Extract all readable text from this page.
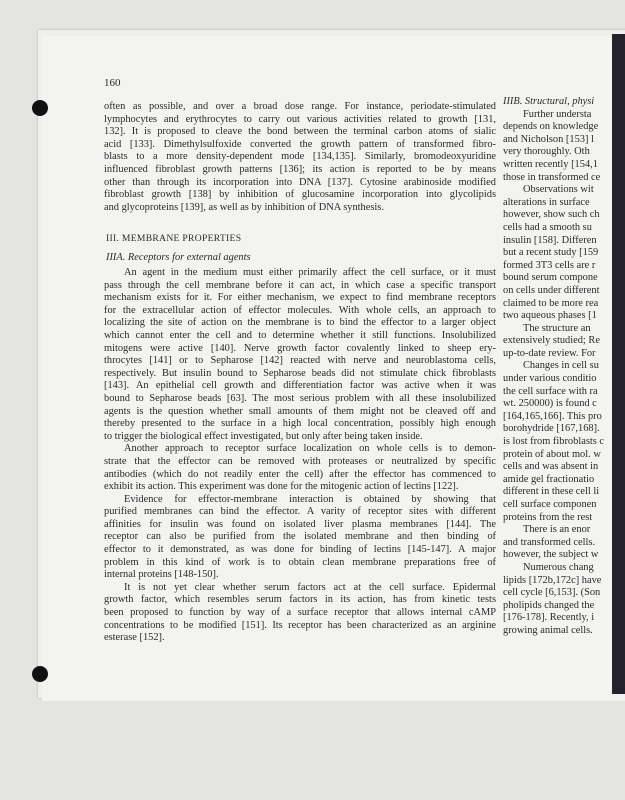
160
often as possible, and over a broad dose range. For instance, periodate-stimulated
lymphocytes and erythrocytes to carry out various activities related to growth [131,
132]. It is proposed to cleave the bond between the terminal carbon atoms of sialic
acid [133]. Dimethylsulfoxide converted the growth pattern of transformed fibro-
blasts to a more density-dependent mode [134,135]. Similarly, bromodeoxyuridine
influenced fibroblast growth patterns [136]; its action is reported to be by means
other than through its incorporation into DNA [137]. Cytosine arabinoside modified
fibroblast growth [138] by inhibition of glucosamine incorporation into glycolipids
and glycoproteins [139], as well as by inhibition of DNA synthesis.
III. MEMBRANE PROPERTIES
IIIA. Receptors for external agents
An agent in the medium must either primarily affect the cell surface, or it must
pass through the cell membrane before it can act, in which case a specific transport
mechanism exists for it. For either mechanism, we expect to find membrane receptors
for the extracellular action of effector molecules. With whole cells, an approach to
localizing the site of action on the membrane is to bind the effector to a larger object
which cannot enter the cell and to determine whether it still functions. Insolubilized
mitogens were active [140]. Nerve growth factor covalently linked to sheep ery-
throcytes [141] or to Sepharose [142] reacted with nerve and neuroblastoma cells,
respectively. But insulin bound to Sepharose beads did not stimulate chick fibroblasts
[143]. An epithelial cell growth and differentiation factor was active when it was
bound to Sepharose beads [63]. The most serious problem with all these insolubilized
agents is the question whether small amounts of them might not be cleaved off and
thereby presented to the surface in a high local concentration, possibly high enough
to trigger the biological effect investigated, but only after being taken inside.
Another approach to receptor surface localization on whole cells is to demon-
strate that the effector can be removed with proteases or neutralized by specific
antibodies (which do not readily enter the cell) after the effector has commenced to
exhibit its action. This experiment was done for the mitogenic action of lectins [122].
Evidence for effector-membrane interaction is obtained by showing that
purified membranes can bind the effector. A varity of receptor sites with different
affinities for insulin was found on isolated liver plasma membranes [144]. The
receptor can also be purified from the isolated membrane and then binding of
effector to it demonstrated, as was done for binding of lectins [145-147]. A major
problem in this kind of work is to obtain clean membrane preparations free of
internal proteins [148-150].
It is not yet clear whether serum factors act at the cell surface. Epidermal
growth factor, which resembles serum factors in its action, has from kinetic tests
been proposed to function by way of a surface receptor that allows internal cAMP
concentrations to be modified [151]. Its receptor has been characterized as an arginine
esterase [152].
IIIB. Structural, physi
Further understa
depends on knowledge
and Nicholson [153] l
very thoroughly. Oth
written recently [154,1
those in transformed ce
Observations wit
alterations in surface
however, show such ch
cells had a smooth su
insulin [158]. Differen
but a recent study [159
formed 3T3 cells are r
bound serum compone
on cells under different
claimed to be more rea
two aqueous phases [1
The structure an
extensively studied; Re
up-to-date review. For
Changes in cell su
under various conditio
the cell surface with ra
wt. 250000) is found c
[164,165,166]. This pro
borohydride [167,168].
is lost from fibroblasts c
protein of about mol. w
cells and was absent in
amide gel fractionatio
different in these cell li
cell surface componen
proteins from the rest
There is an enor
and transformed cells.
however, the subject w
Numerous chang
lipids [172b,172c] have
cell cycle [6,153]. (Son
pholipids changed the
[176-178]. Recently, i
growing animal cells.
